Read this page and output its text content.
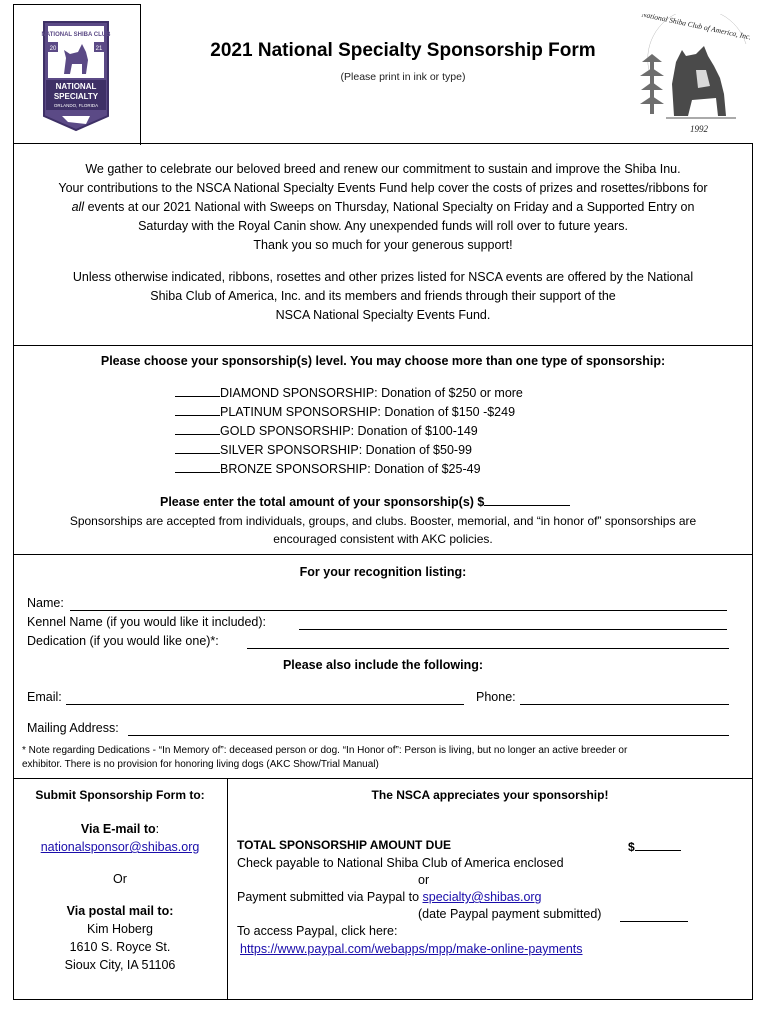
NATIONAL SHIBA CLUB
20	21
NATIONAL
SPECIALTY
ORLANDO, FLORIDA
2021 National Specialty Sponsorship Form
(Please print in ink or type)
National Shiba Club of America, Inc.
1992
We gather to celebrate our beloved breed and renew our commitment to sustain and improve the Shiba Inu.
Your contributions to the NSCA National Specialty Events Fund help cover the costs of prizes and rosettes/ribbons for
all events at our 2021 National with Sweeps on Thursday, National Specialty on Friday and a Supported Entry on
Saturday with the Royal Canin show. Any unexpended funds will roll over to future years.
Thank you so much for your generous support!
Unless otherwise indicated, ribbons, rosettes and other prizes listed for NSCA events are offered by the National
Shiba Club of America, Inc. and its members and friends through their support of the
NSCA National Specialty Events Fund.
Please choose your sponsorship(s) level. You may choose more than one type of sponsorship:
DIAMOND SPONSORSHIP: Donation of $250 or more
PLATINUM SPONSORSHIP: Donation of $150 -$249
GOLD SPONSORSHIP: Donation of $100-149
SILVER SPONSORSHIP: Donation of $50-99
BRONZE SPONSORSHIP: Donation of $25-49
Please enter the total amount of your sponsorship(s) $
Sponsorships are accepted from individuals, groups, and clubs. Booster, memorial, and “in honor of” sponsorships are
encouraged consistent with AKC policies.
For your recognition listing:
Name:
Kennel Name (if you would like it included):
Dedication (if you would like one)*:
Please also include the following:
Email:	Phone:
Mailing Address:
* Note regarding Dedications - “In Memory of”: deceased person or dog. “In Honor of”: Person is living, but no longer an active breeder or
exhibitor. There is no provision for honoring living dogs (AKC Show/Trial Manual)
Submit Sponsorship Form to:
Via E-mail to:
nationalsponsor@shibas.org
Or
Via postal mail to:
Kim Hoberg
1610 S. Royce St.
Sioux City, IA 51106
The NSCA appreciates your sponsorship!
TOTAL SPONSORSHIP AMOUNT DUE	$
Check payable to National Shiba Club of America enclosed
or
Payment submitted via Paypal to specialty@shibas.org
(date Paypal payment submitted)
To access Paypal, click here:
https://www.paypal.com/webapps/mpp/make-online-payments
